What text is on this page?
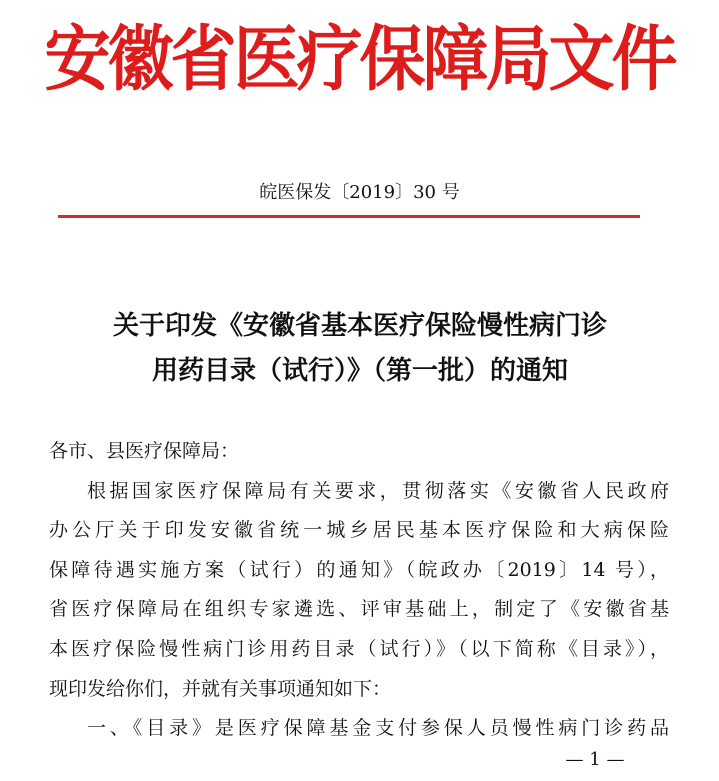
安徽省医疗保障局文件
皖医保发〔2019〕30 号
关于印发《安徽省基本医疗保险慢性病门诊
用药目录（试行）》（第一批）的通知
各市、县医疗保障局：
根据国家医疗保障局有关要求，贯彻落实《安徽省人民政府
办公厅关于印发安徽省统一城乡居民基本医疗保险和大病保险
保障待遇实施方案（试行）的通知》（皖政办〔2019〕14 号），
省医疗保障局在组织专家遴选、评审基础上，制定了《安徽省基
本医疗保险慢性病门诊用药目录（试行）》（以下简称《目录》），
现印发给你们，并就有关事项通知如下：
一、《目录》是医疗保障基金支付参保人员慢性病门诊药品
— 1 —
